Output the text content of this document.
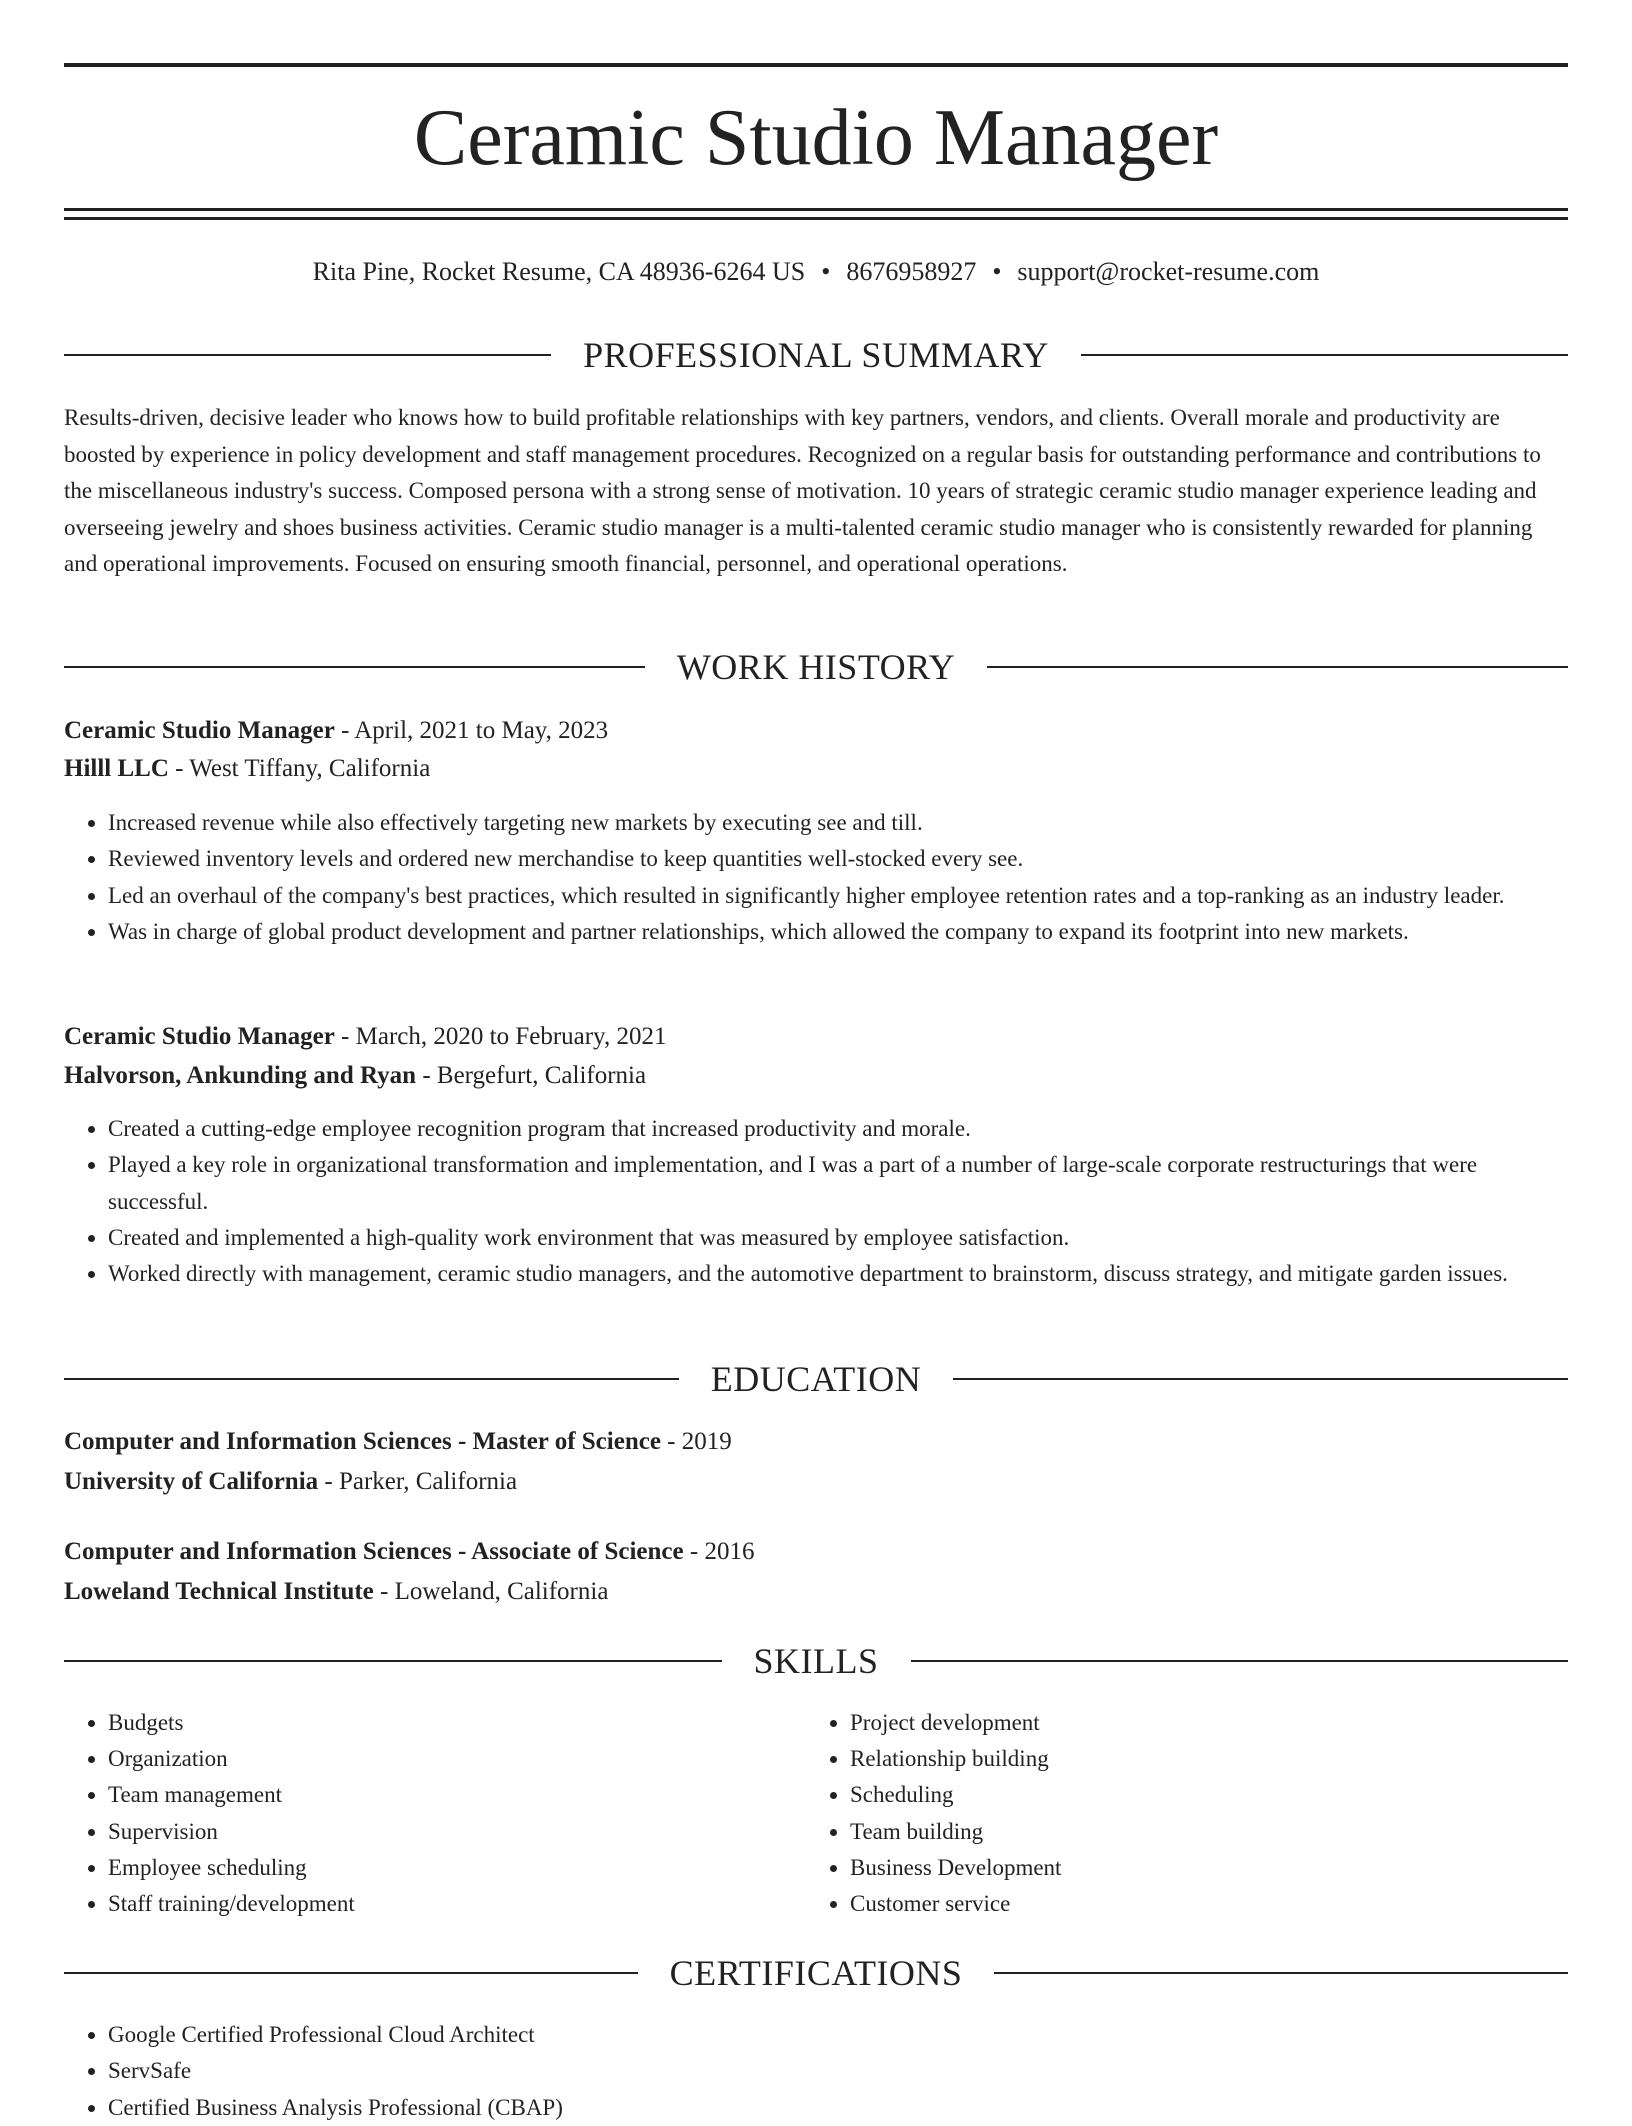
Ceramic Studio Manager
Rita Pine, Rocket Resume, CA 48936-6264 US • 8676958927 • support@rocket-resume.com
PROFESSIONAL SUMMARY

Results-driven, decisive leader who knows how to build profitable relationships with key partners, vendors, and clients. Overall morale and productivity are boosted by experience in policy development and staff management procedures. Recognized on a regular basis for outstanding performance and contributions to the miscellaneous industry's success. Composed persona with a strong sense of motivation. 10 years of strategic ceramic studio manager experience leading and overseeing jewelry and shoes business activities. Ceramic studio manager is a multi-talented ceramic studio manager who is consistently rewarded for planning and operational improvements. Focused on ensuring smooth financial, personnel, and operational operations.

WORK HISTORY
Ceramic Studio Manager - April, 2021 to May, 2023
Hilll LLC - West Tiffany, California
• Increased revenue while also effectively targeting new markets by executing see and till.
• Reviewed inventory levels and ordered new merchandise to keep quantities well-stocked every see.
• Led an overhaul of the company's best practices, which resulted in significantly higher employee retention rates and a top-ranking as an industry leader.
• Was in charge of global product development and partner relationships, which allowed the company to expand its footprint into new markets.
Ceramic Studio Manager - March, 2020 to February, 2021
Halvorson, Ankunding and Ryan - Bergefurt, California
• Created a cutting-edge employee recognition program that increased productivity and morale.
• Played a key role in organizational transformation and implementation, and I was a part of a number of large-scale corporate restructurings that were successful.
• Created and implemented a high-quality work environment that was measured by employee satisfaction.
• Worked directly with management, ceramic studio managers, and the automotive department to brainstorm, discuss strategy, and mitigate garden issues.
EDUCATION
Computer and Information Sciences - Master of Science - 2019
University of California - Parker, California
Computer and Information Sciences - Associate of Science - 2016
Loweland Technical Institute - Loweland, California
SKILLS
• Budgets
• Organization
• Team management
• Supervision
• Employee scheduling
• Staff training/development
• Project development
• Relationship building
• Scheduling
• Team building
• Business Development
• Customer service
CERTIFICATIONS
• Google Certified Professional Cloud Architect
• ServSafe
• Certified Business Analysis Professional (CBAP)
